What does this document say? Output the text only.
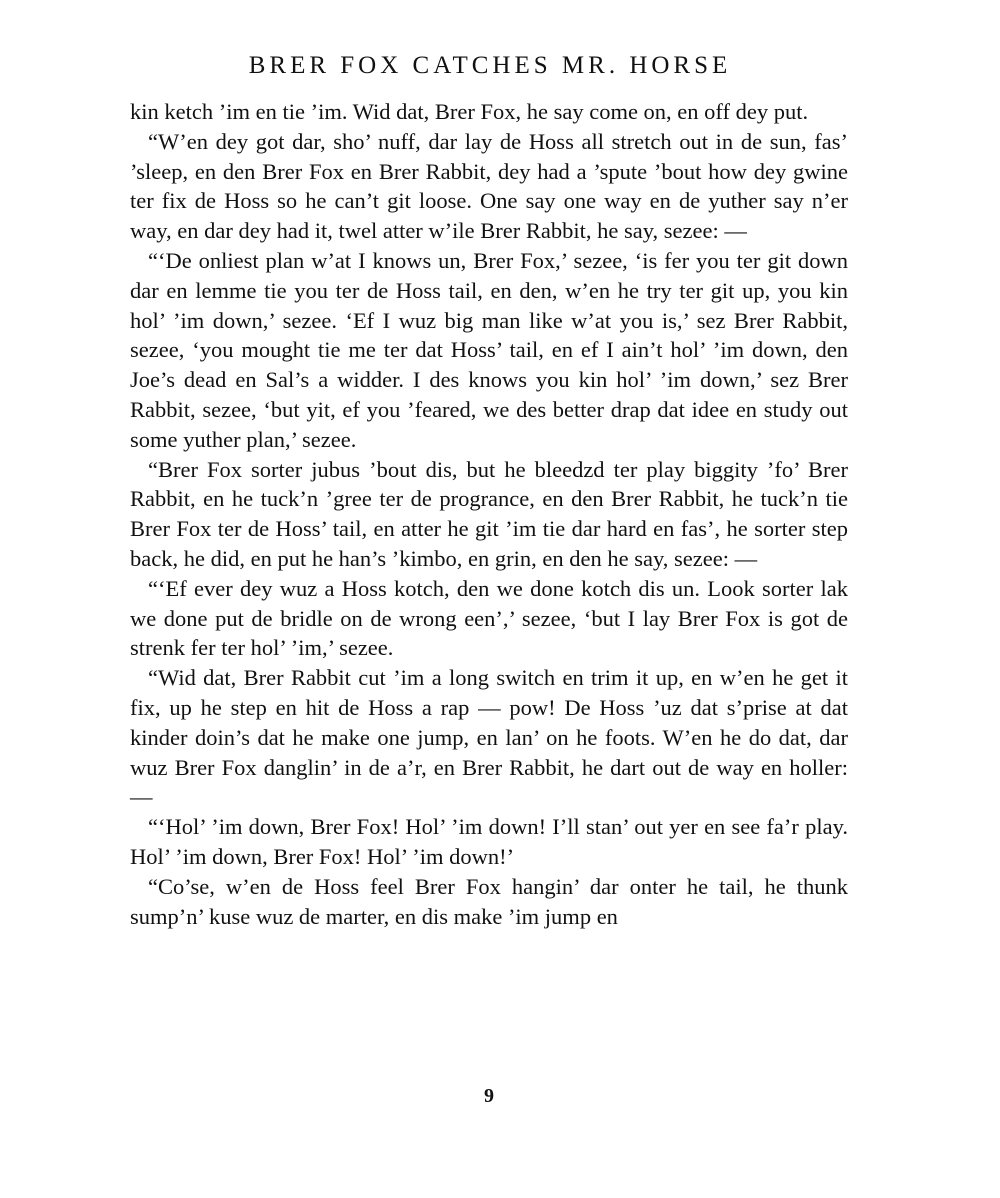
BRER FOX CATCHES MR. HORSE

kin ketch ’im en tie ’im. Wid dat, Brer Fox, he say come on, en off dey put.

“W’en dey got dar, sho’ nuff, dar lay de Hoss all stretch out in de sun, fas’ ’sleep, en den Brer Fox en Brer Rabbit, dey had a ’spute ’bout how dey gwine ter fix de Hoss so he can’t git loose. One say one way en de yuther say n’er way, en dar dey had it, twel atter w’ile Brer Rabbit, he say, sezee: —

“‘De onliest plan w’at I knows un, Brer Fox,’ sezee, ‘is fer you ter git down dar en lemme tie you ter de Hoss tail, en den, w’en he try ter git up, you kin hol’ ’im down,’ sezee. ‘Ef I wuz big man like w’at you is,’ sez Brer Rabbit, sezee, ‘you mought tie me ter dat Hoss’ tail, en ef I ain’t hol’ ’im down, den Joe’s dead en Sal’s a widder. I des knows you kin hol’ ’im down,’ sez Brer Rabbit, sezee, ‘but yit, ef you ’feared, we des better drap dat idee en study out some yuther plan,’ sezee.

“Brer Fox sorter jubus ’bout dis, but he bleedzd ter play biggity ’fo’ Brer Rabbit, en he tuck’n ’gree ter de progrance, en den Brer Rabbit, he tuck’n tie Brer Fox ter de Hoss’ tail, en atter he git ’im tie dar hard en fas’, he sorter step back, he did, en put he han’s ’kimbo, en grin, en den he say, sezee: —

“‘Ef ever dey wuz a Hoss kotch, den we done kotch dis un. Look sorter lak we done put de bridle on de wrong een’,’ sezee, ‘but I lay Brer Fox is got de strenk fer ter hol’ ’im,’ sezee.

“Wid dat, Brer Rabbit cut ’im a long switch en trim it up, en w’en he get it fix, up he step en hit de Hoss a rap — pow! De Hoss ’uz dat s’prise at dat kinder doin’s dat he make one jump, en lan’ on he foots. W’en he do dat, dar wuz Brer Fox danglin’ in de a’r, en Brer Rabbit, he dart out de way en holler: —

“‘Hol’ ’im down, Brer Fox! Hol’ ’im down! I’ll stan’ out yer en see fa’r play. Hol’ ’im down, Brer Fox! Hol’ ’im down!’

“Co’se, w’en de Hoss feel Brer Fox hangin’ dar onter he tail, he thunk sump’n’ kuse wuz de marter, en dis make ’im jump en

9
